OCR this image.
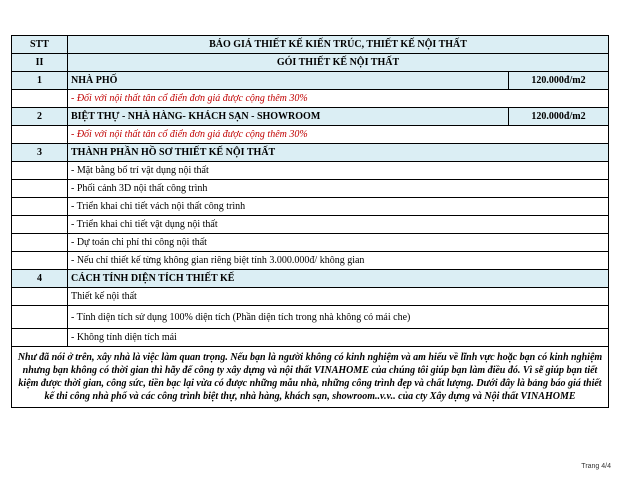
STT	BÁO GIÁ THIẾT KẾ KIẾN TRÚC, THIẾT KẾ NỘI THẤT	
II	GÓI THIẾT KẾ NỘI THẤT	
1	NHÀ PHỐ	120.000đ/m2
	- Đối với nội thất tân cổ điển đơn giá được cộng thêm 30%	
2	BIỆT THỰ - NHÀ HÀNG- KHÁCH SẠN - SHOWROOM	120.000đ/m2
	- Đối với nội thất tân cổ điển đơn giá được cộng thêm 30%	
3	THÀNH PHẦN HỒ SƠ THIẾT KẾ NỘI THẤT	
	- Mặt bằng bố trí vật dụng nội thất	
	- Phối cảnh 3D nội thất công trình	
	- Triển khai chi tiết vách nội thất công trình	
	- Triển khai chi tiết vật dụng nội thất	
	- Dự toán chi phí thi công nội thất	
	- Nếu chỉ thiết kế từng không gian riêng biệt tính 3.000.000đ/ không gian	
4	CÁCH TÍNH DIỆN TÍCH THIẾT KẾ	
	Thiết kế nội thất	
	- Tính diện tích sử dụng 100% diện tích (Phần diện tích trong nhà không có mái che)	
	- Không tính diện tích mái	
Như đã nói ở trên, xây nhà là việc làm quan trọng. Nếu bạn là người không có kinh nghiệm và am hiểu về lĩnh vực hoặc bạn có kinh nghiệm nhưng bạn không có thời gian thì hãy để công ty xây dựng và nội thất VINAHOME của chúng tôi giúp bạn làm điều đó. Vì sẽ giúp bạn tiết kiệm được thời gian, công sức, tiền bạc lại vừa có được những mẫu nhà, những công trình đẹp và chất lượng. Dưới đây là bảng báo giá thiết kế thi công nhà phố và các công trình biệt thự, nhà hàng, khách sạn, showroom..v.v.. của cty Xây dựng và Nội thất VINAHOME		
Trang 4/4
